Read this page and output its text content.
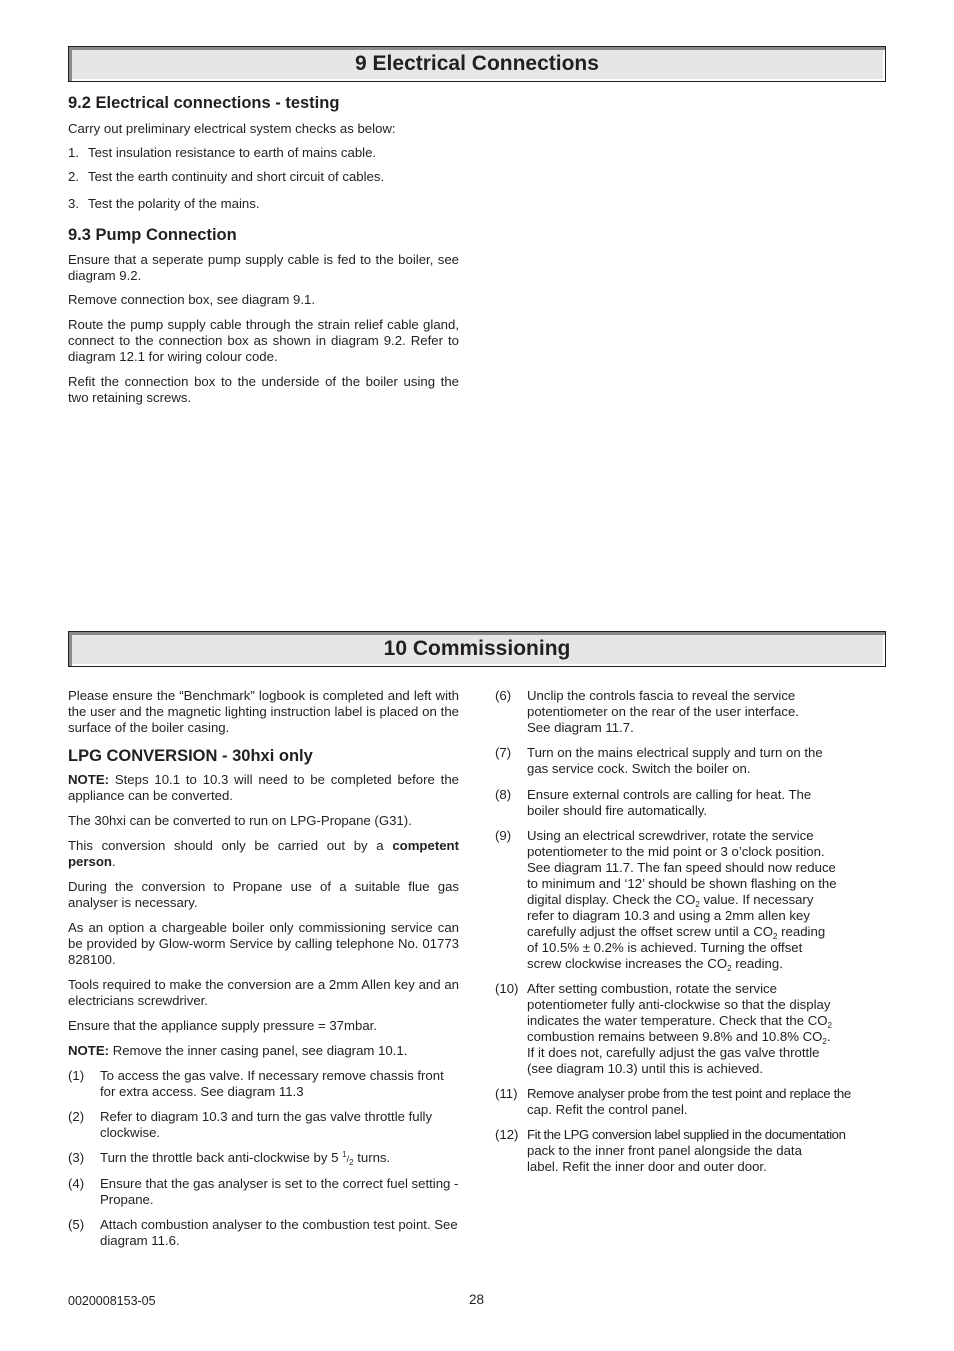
9 Electrical Connections
9.2 Electrical connections - testing

Carry out preliminary electrical system checks as below:

1. Test insulation resistance to earth of mains cable.
2. Test the earth continuity and short circuit of cables.
3. Test the polarity of the mains.
9.3 Pump Connection

Ensure that a seperate pump supply cable is fed to the boiler, see diagram 9.2.

Remove connection box, see diagram 9.1.

Route the pump supply cable through the strain relief cable gland, connect to the connection box as shown in diagram 9.2. Refer to diagram 12.1 for wiring colour code.

Refit the connection box to the underside of the boiler using the two retaining screws.

10 Commissioning

Please ensure the “Benchmark” logbook is completed and left with the user and the magnetic lighting instruction label is placed on the surface of the boiler casing.

LPG CONVERSION - 30hxi only

NOTE: Steps 10.1 to 10.3 will need to be completed before the appliance can be converted.

The 30hxi can be converted to run on LPG-Propane (G31).

This conversion should only be carried out by a competent person.

During the conversion to Propane use of a suitable flue gas analyser is necessary.

As an option a chargeable boiler only commissioning service can be provided by Glow-worm Service by calling telephone No. 01773 828100.

Tools required to make the conversion are a 2mm Allen key and an electricians screwdriver.

Ensure that the appliance supply pressure = 37mbar.

NOTE: Remove the inner casing panel, see diagram 10.1.

(1) To access the gas valve. If necessary remove chassis front for extra access. See diagram 11.3
(2) Refer to diagram 10.3 and turn the gas valve throttle fully clockwise.
(3) Turn the throttle back anti-clockwise by 5 $^1/_2$ turns.
(4) Ensure that the gas analyser is set to the correct fuel setting - Propane.
(5) Attach combustion analyser to the combustion test point. See diagram 11.6.
(6) Unclip the controls fascia to reveal the service
potentiometer on the rear of the user interface.
See diagram 11.7.
(7) Turn on the mains electrical supply and turn on the
gas service cock. Switch the boiler on.
(8) Ensure external controls are calling for heat. The
boiler should fire automatically.
(9) Using an electrical screwdriver, rotate the service
potentiometer to the mid point or 3 o’clock position.
See diagram 11.7. The fan speed should now reduce
to minimum and ‘12’ should be shown flashing on the
digital display. Check the $CO_2$ value. If necessary
refer to diagram 10.3 and using a 2mm allen key
carefully adjust the offset screw until a $CO_2$ reading
of 10.5% ± 0.2% is achieved. Turning the offset
screw clockwise increases the $CO_2$ reading.
(10) After setting combustion, rotate the service
potentiometer fully anti-clockwise so that the display
indicates the water temperature. Check that the $CO_2$
combustion remains between 9.8% and 10.8% $CO_2$.
If it does not, carefully adjust the gas valve throttle
(see diagram 10.3) until this is achieved.
(11) Remove analyser probe from the test point and replace the
cap. Refit the control panel.
(12) Fit the LPG conversion label supplied in the documentation
pack to the inner front panel alongside the data
label. Refit the inner door and outer door.
0020008153-05	28
